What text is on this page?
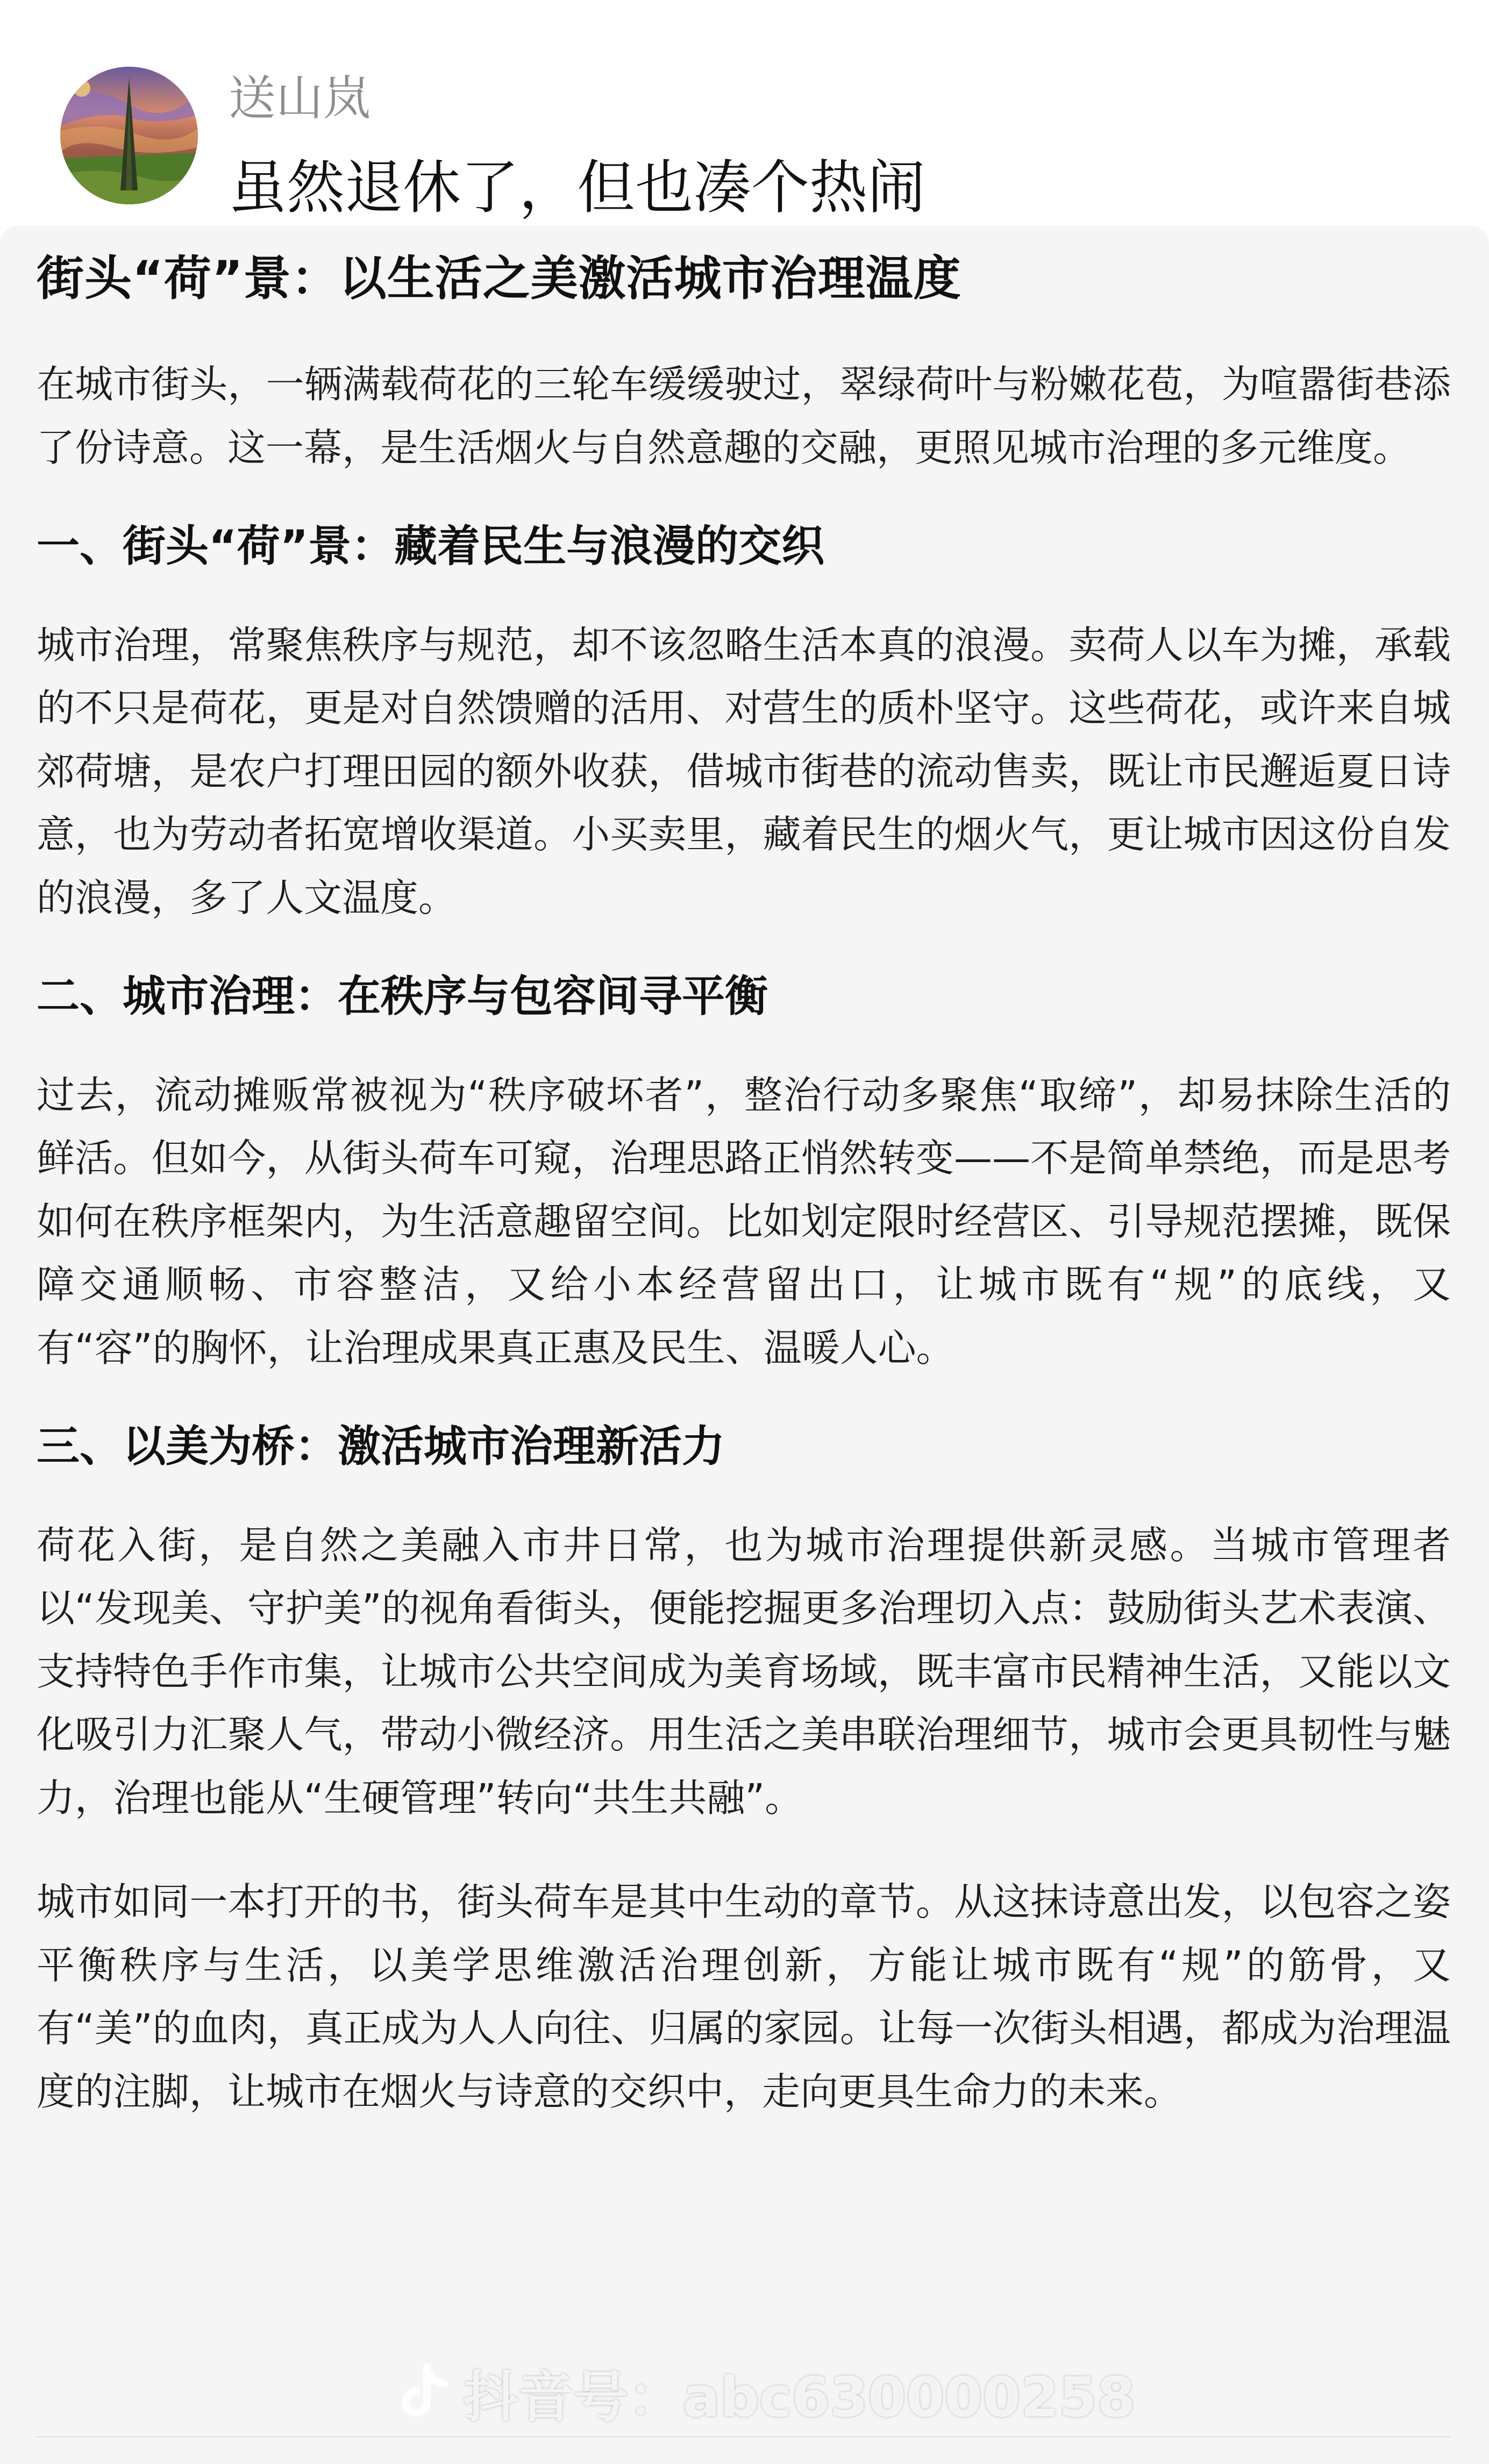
送山岚
虽然退休了，但也凑个热闹
街头“荷”景：以生活之美激活城市治理温度

在城市街头，一辆满载荷花的三轮车缓缓驶过，翠绿荷叶与粉嫩花苞，为喧嚣街巷添了份诗意。这一幕，是生活烟火与自然意趣的交融，更照见城市治理的多元维度。

一、街头“荷”景：藏着民生与浪漫的交织

城市治理，常聚焦秩序与规范，却不该忽略生活本真的浪漫。卖荷人以车为摊，承载的不只是荷花，更是对自然馈赠的活用、对营生的质朴坚守。这些荷花，或许来自城郊荷塘，是农户打理田园的额外收获，借城市街巷的流动售卖，既让市民邂逅夏日诗意，也为劳动者拓宽增收渠道。小买卖里，藏着民生的烟火气，更让城市因这份自发的浪漫，多了人文温度。

二、城市治理：在秩序与包容间寻平衡

过去，流动摊贩常被视为“秩序破坏者”，整治行动多聚焦“取缔”，却易抹除生活的鲜活。但如今，从街头荷车可窥，治理思路正悄然转变——不是简单禁绝，而是思考如何在秩序框架内，为生活意趣留空间。比如划定限时经营区、引导规范摆摊，既保障交通顺畅、市容整洁，又给小本经营留出口，让城市既有“规”的底线，又有“容”的胸怀，让治理成果真正惠及民生、温暖人心。

三、以美为桥：激活城市治理新活力

荷花入街，是自然之美融入市井日常，也为城市治理提供新灵感。当城市管理者以“发现美、守护美”的视角看街头，便能挖掘更多治理切入点：鼓励街头艺术表演、支持特色手作市集，让城市公共空间成为美育场域，既丰富市民精神生活，又能以文化吸引力汇聚人气，带动小微经济。用生活之美串联治理细节，城市会更具韧性与魅力，治理也能从“生硬管理”转向“共生共融”。

城市如同一本打开的书，街头荷车是其中生动的章节。从这抹诗意出发，以包容之姿平衡秩序与生活，以美学思维激活治理创新，方能让城市既有“规”的筋骨，又有“美”的血肉，真正成为人人向往、归属的家园。让每一次街头相遇，都成为治理温度的注脚，让城市在烟火与诗意的交织中，走向更具生命力的未来。

抖音号：abc630000258
